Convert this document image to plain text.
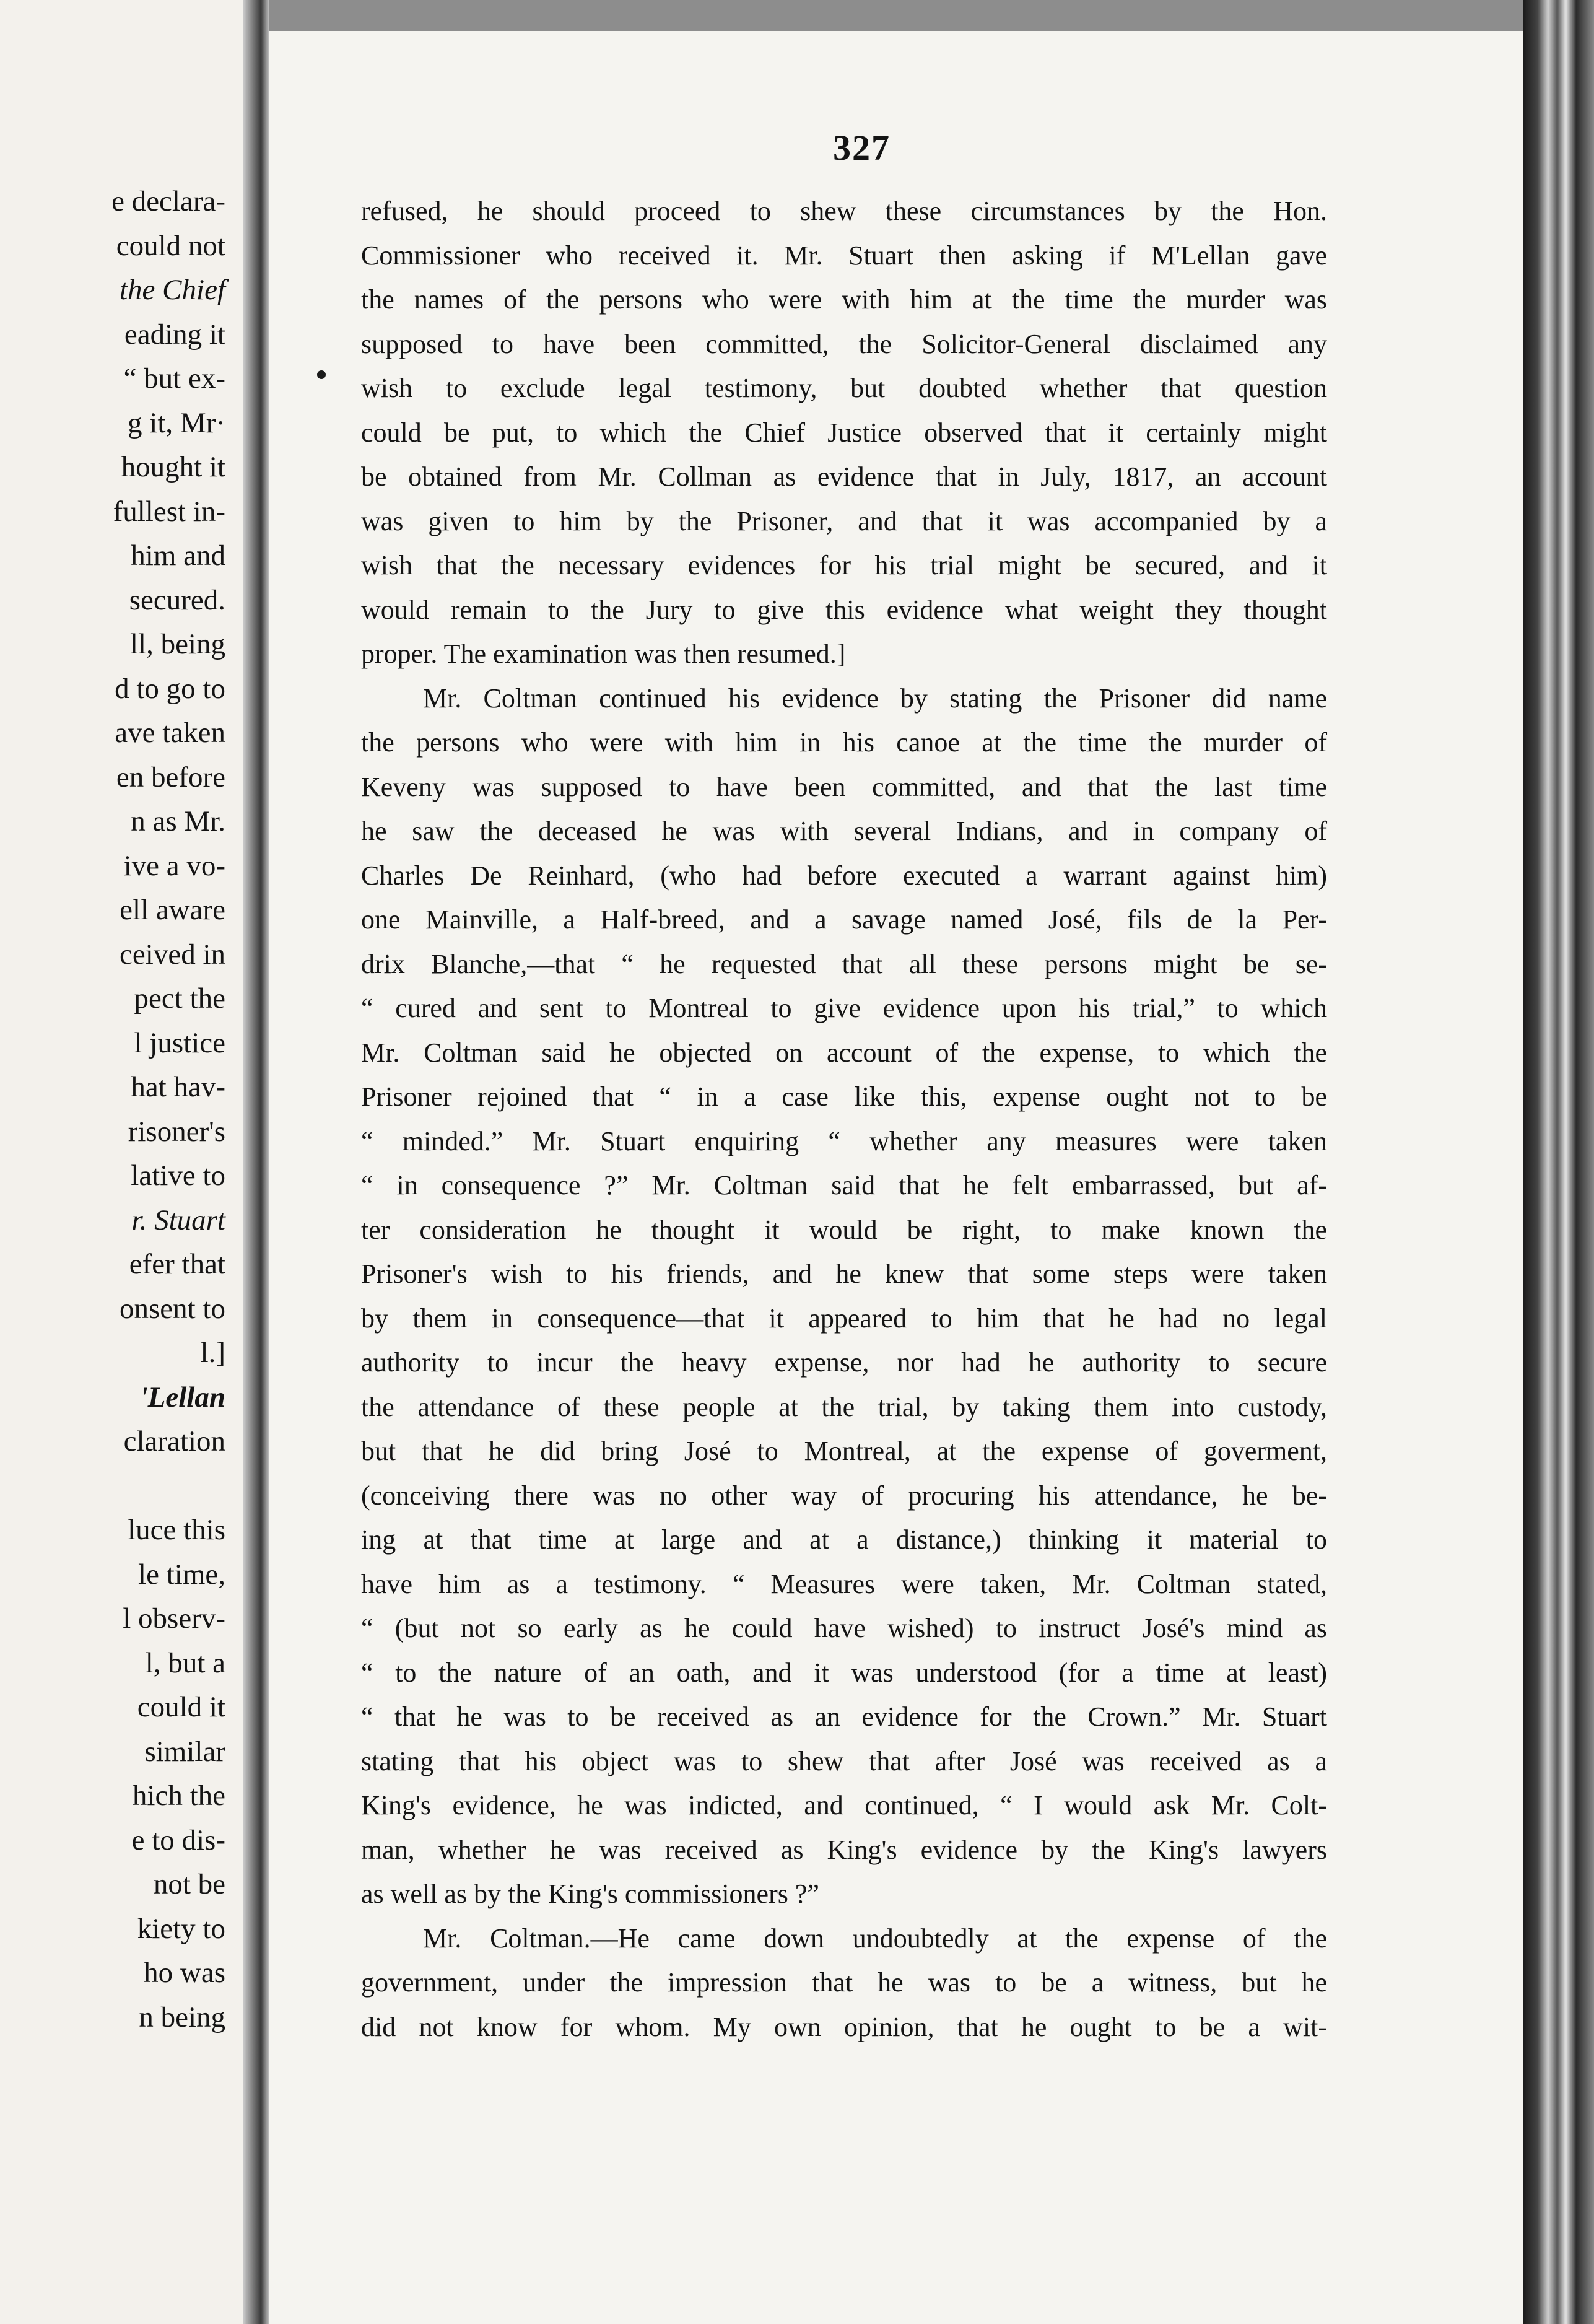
e declara-
could not
the Chief
eading it
“ but ex-
g it, Mr·
hought it
fullest in-
him and
secured.
ll, being
d to go to
ave taken
en before
n as Mr.
ive a vo-
ell aware
ceived in
pect the
l justice
hat hav-
risoner's
lative to
r. Stuart
efer that
onsent to
l.]
'Lellan
claration
luce this
le time,
l observ-
l, but a
could it
similar
hich the
e to dis-
not be
kiety to
ho was
n being
327
refused, he should proceed to shew these circumstances by the Hon.
Commissioner who received it. Mr. Stuart then asking if M'Lellan gave
the names of the persons who were with him at the time the murder was
supposed to have been committed, the Solicitor-General disclaimed any
wish to exclude legal testimony, but doubted whether that question
could be put, to which the Chief Justice observed that it certainly might
be obtained from Mr. Collman as evidence that in July, 1817, an account
was given to him by the Prisoner, and that it was accompanied by a
wish that the necessary evidences for his trial might be secured, and it
would remain to the Jury to give this evidence what weight they thought
proper. The examination was then resumed.]
Mr. Coltman continued his evidence by stating the Prisoner did name
the persons who were with him in his canoe at the time the murder of
Keveny was supposed to have been committed, and that the last time
he saw the deceased he was with several Indians, and in company of
Charles De Reinhard, (who had before executed a warrant against him)
one Mainville, a Half-breed, and a savage named José, fils de la Per-
drix Blanche,—that “ he requested that all these persons might be se-
“ cured and sent to Montreal to give evidence upon his trial,” to which
Mr. Coltman said he objected on account of the expense, to which the
Prisoner rejoined that “ in a case like this, expense ought not to be
“ minded.” Mr. Stuart enquiring “ whether any measures were taken
“ in consequence ?” Mr. Coltman said that he felt embarrassed, but af-
ter consideration he thought it would be right, to make known the
Prisoner's wish to his friends, and he knew that some steps were taken
by them in consequence—that it appeared to him that he had no legal
authority to incur the heavy expense, nor had he authority to secure
the attendance of these people at the trial, by taking them into custody,
but that he did bring José to Montreal, at the expense of goverment,
(conceiving there was no other way of procuring his attendance, he be-
ing at that time at large and at a distance,) thinking it material to
have him as a testimony. “ Measures were taken, Mr. Coltman stated,
“ (but not so early as he could have wished) to instruct José's mind as
“ to the nature of an oath, and it was understood (for a time at least)
“ that he was to be received as an evidence for the Crown.” Mr. Stuart
stating that his object was to shew that after José was received as a
King's evidence, he was indicted, and continued, “ I would ask Mr. Colt-
man, whether he was received as King's evidence by the King's lawyers
as well as by the King's commissioners ?”
Mr. Coltman.—He came down undoubtedly at the expense of the
government, under the impression that he was to be a witness, but he
did not know for whom. My own opinion, that he ought to be a wit-
